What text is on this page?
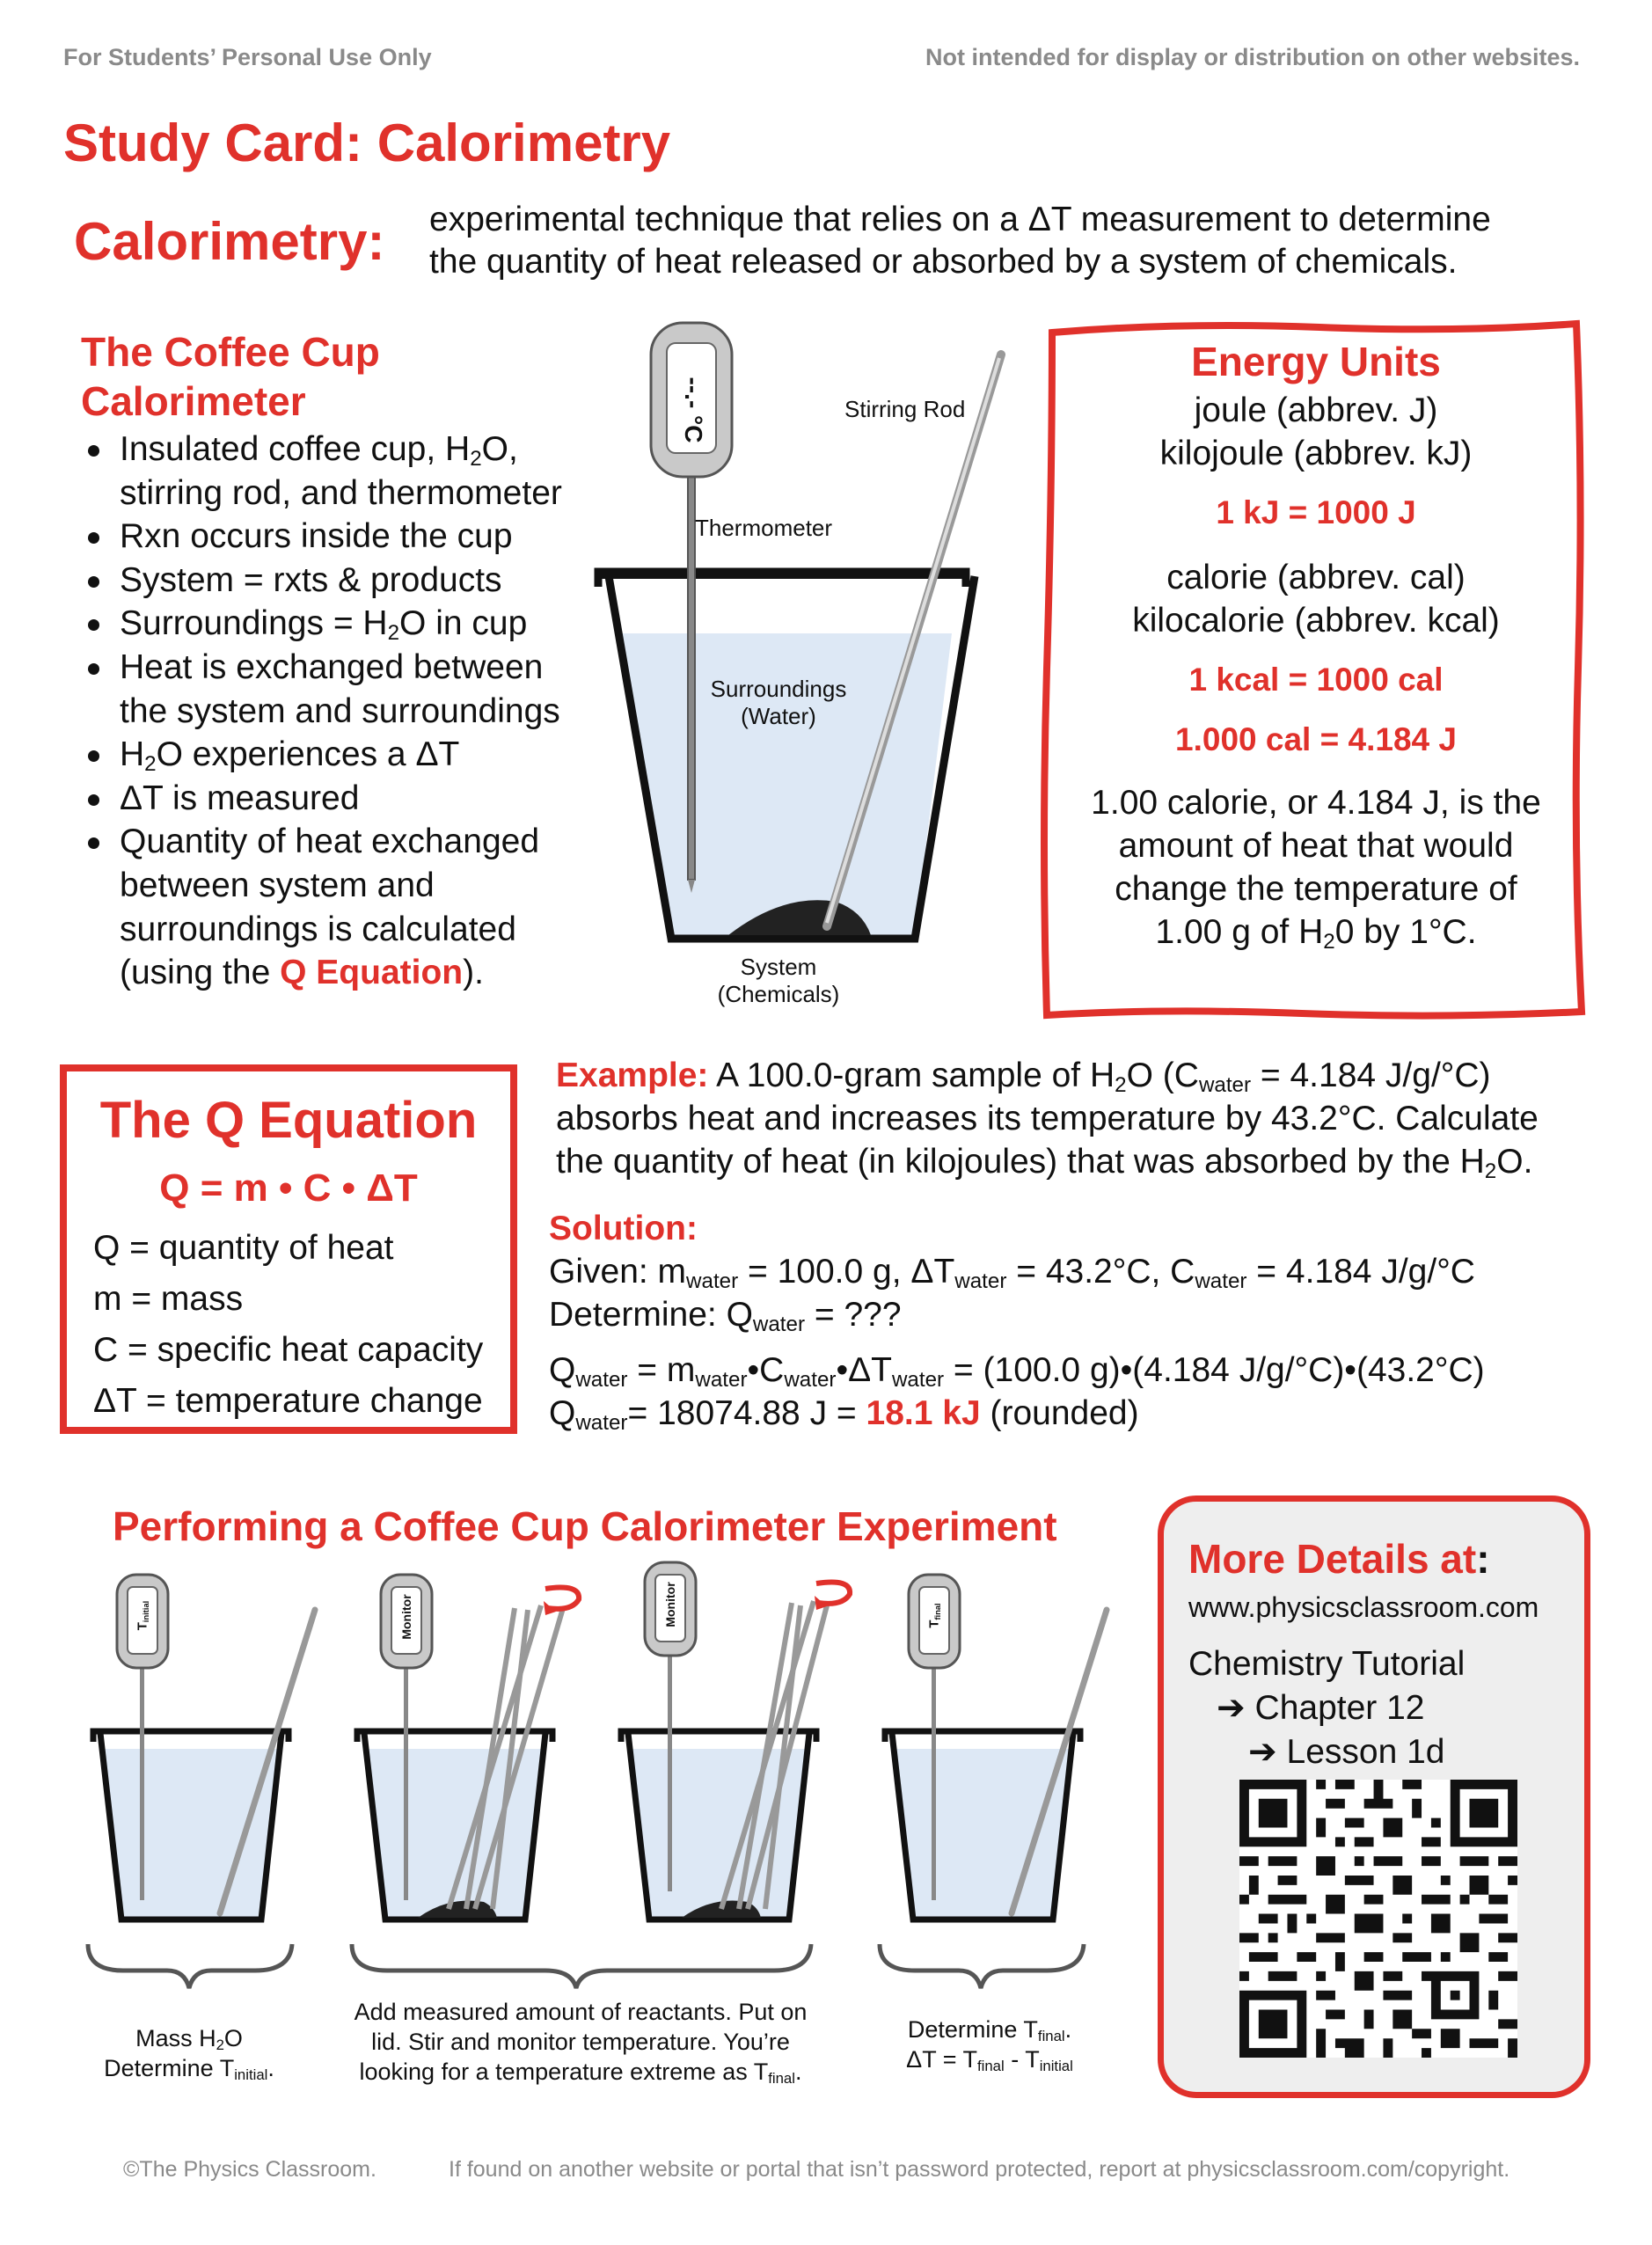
For Students’ Personal Use Only	Not intended for display or distribution on other websites.
Study Card: Calorimetry
Calorimetry: experimental technique that relies on a ΔT measurement to determine
the quantity of heat released or absorbed by a system of chemicals.
The Coffee Cup
Calorimeter
Insulated coffee cup, $H_2O$,
stirring rod, and thermometer
Rxn occurs inside the cup
System = rxts & products
Surroundings = $H_2O$ in cup
Heat is exchanged between
the system and surroundings
$H_2O$ experiences a ΔT
ΔT is measured
Quantity of heat exchanged
between system and
surroundings is calculated
(using the Q Equation).
--.- °C	Stirring Rod
Thermometer
Surroundings
(Water)
System
(Chemicals)
Energy Units
joule (abbrev. J)
kilojoule (abbrev. kJ)
1 kJ = 1000 J
calorie (abbrev. cal)
kilocalorie (abbrev. kcal)
1 kcal = 1000 cal
1.000 cal = 4.184 J
1.00 calorie, or 4.184 J, is the
amount of heat that would
change the temperature of
1.00 g of $H_20$ by 1°C.
The Q Equation
Q = m • C • ΔT
Q = quantity of heat
m = mass
C = specific heat capacity
ΔT = temperature change
Example: A 100.0-gram sample of $H_2O$ ($C_{water} = 4.184$ J/g/°C)
absorbs heat and increases its temperature by 43.2°C. Calculate
the quantity of heat (in kilojoules) that was absorbed by the $H_2O$.
Solution:
Given: $m_{water} = 100.0$ g, $\Delta T_{water} = 43.2^\circ C$, $C_{water} = 4.184$ J/g/°C
Determine: $Q_{water}$ = ???
$Q_{water}$ = $m_{water}•C_{water}•\Delta T_{water} = (100.0$ g)•(4.184 J/g/°C)•(43.2°C)
$Q_{water}= 18074.88$ J = 18.1 kJ (rounded)
Performing a Coffee Cup Calorimeter Experiment
$T_{initial}$	Monitor	Monitor	$T_{final}$
Mass $H_2O$
Determine $T_{initial}$.
Add measured amount of reactants. Put on
lid. Stir and monitor temperature. You’re
looking for a temperature extreme as $T_{final}$.
Determine $T_{final}$.
$\Delta T = T_{final} - T_{initial}$
More Details at:
www.physicsclassroom.com
Chemistry Tutorial
➔ Chapter 12
➔ Lesson 1d
©The Physics Classroom.	If found on another website or portal that isn’t password protected, report at physicsclassroom.com/copyright.
